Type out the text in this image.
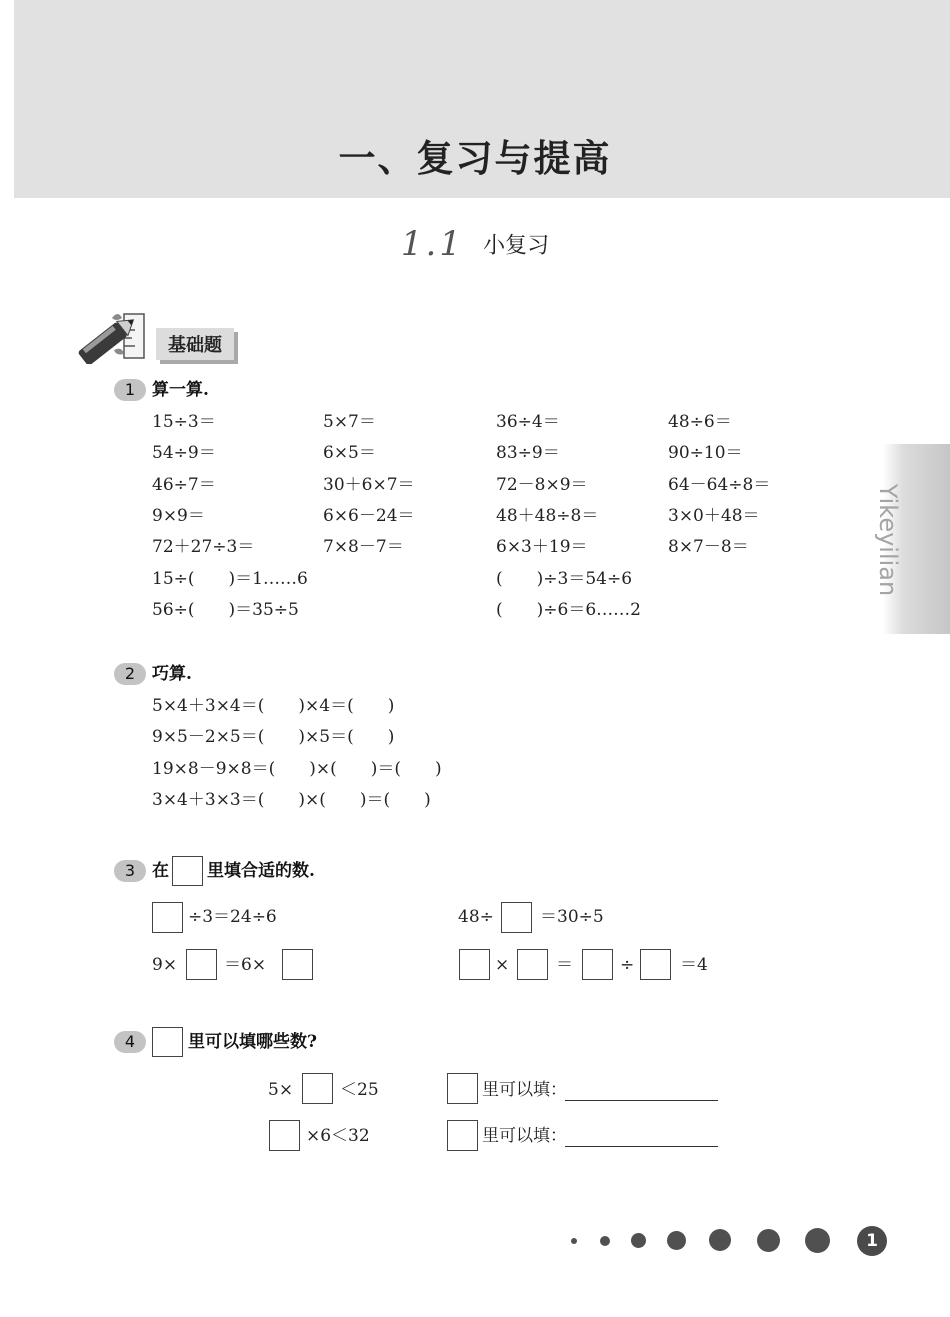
一、复习与提高
1.1 小复习
Yikeyilian
基础题
1 算一算.
15÷3＝	5×7＝	36÷4＝	48÷6＝
54÷9＝	6×5＝	83÷9＝	90÷10＝
46÷7＝	30＋6×7＝	72－8×9＝	64－64÷8＝
9×9＝	6×6－24＝	48＋48÷8＝	3×0＋48＝
72＋27÷3＝	7×8－7＝	6×3＋19＝	8×7－8＝
15÷(　　)＝1……6	(　　)÷3＝54÷6
56÷(　　)＝35÷5	(　　)÷6＝6……2
2 巧算.
5×4＋3×4＝(　　)×4＝(　　)
9×5－2×5＝(　　)×5＝(　　)
19×8－9×8＝(　　)×(　　)＝(　　)
3×4＋3×3＝(　　)×(　　)＝(　　)
3 在 里填合适的数.
÷3＝24÷6	48÷	＝30÷5
9×	＝6×	×	＝	÷	＝4
4	里可以填哪些数?
5×	＜25	里可以填：
×6＜32	里可以填：
1
